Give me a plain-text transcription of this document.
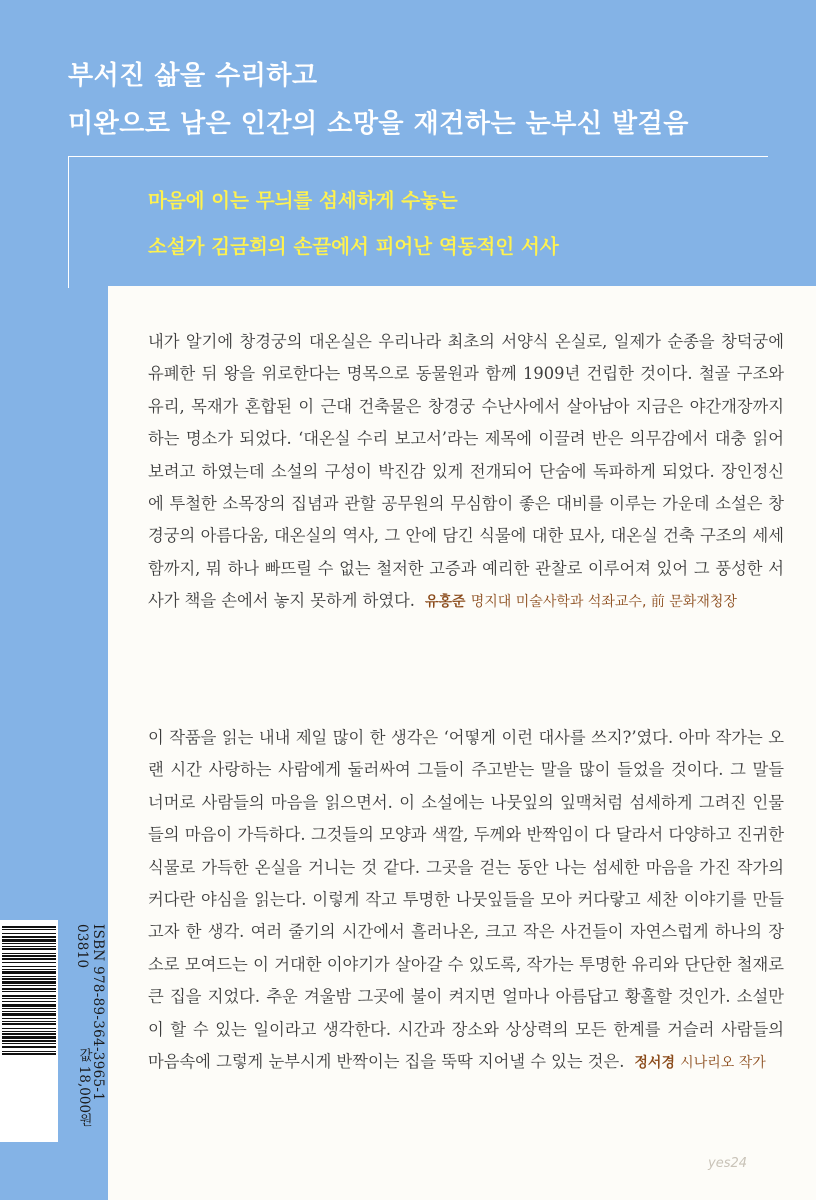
부서진 삶을 수리하고
미완으로 남은 인간의 소망을 재건하는 눈부신 발걸음
마음에 이는 무늬를 섬세하게 수놓는
소설가 김금희의 손끝에서 피어난 역동적인 서사
내가 알기에 창경궁의 대온실은 우리나라 최초의 서양식 온실로, 일제가 순종을 창덕궁에 유폐한 뒤 왕을 위로한다는 명목으로 동물원과 함께 1909년 건립한 것이다. 철골 구조와 유리, 목재가 혼합된 이 근대 건축물은 창경궁 수난사에서 살아남아 지금은 야간개장까지 하는 명소가 되었다. ‘대온실 수리 보고서’라는 제목에 이끌려 반은 의무감에서 대충 읽어보려고 하였는데 소설의 구성이 박진감 있게 전개되어 단숨에 독파하게 되었다. 장인정신에 투철한 소목장의 집념과 관할 공무원의 무심함이 좋은 대비를 이루는 가운데 소설은 창경궁의 아름다움, 대온실의 역사, 그 안에 담긴 식물에 대한 묘사, 대온실 건축 구조의 세세함까지, 뭐 하나 빠뜨릴 수 없는 철저한 고증과 예리한 관찰로 이루어져 있어 그 풍성한 서사가 책을 손에서 놓지 못하게 하였다. 유홍준 명지대 미술사학과 석좌교수, 前 문화재청장
이 작품을 읽는 내내 제일 많이 한 생각은 ‘어떻게 이런 대사를 쓰지?’였다. 아마 작가는 오랜 시간 사랑하는 사람에게 둘러싸여 그들이 주고받는 말을 많이 들었을 것이다. 그 말들 너머로 사람들의 마음을 읽으면서. 이 소설에는 나뭇잎의 잎맥처럼 섬세하게 그려진 인물들의 마음이 가득하다. 그것들의 모양과 색깔, 두께와 반짝임이 다 달라서 다양하고 진귀한 식물로 가득한 온실을 거니는 것 같다. 그곳을 걷는 동안 나는 섬세한 마음을 가진 작가의 커다란 야심을 읽는다. 이렇게 작고 투명한 나뭇잎들을 모아 커다랗고 세찬 이야기를 만들고자 한 생각. 여러 줄기의 시간에서 흘러나온, 크고 작은 사건들이 자연스럽게 하나의 장소로 모여드는 이 거대한 이야기가 살아갈 수 있도록, 작가는 투명한 유리와 단단한 철재로 큰 집을 지었다. 추운 겨울밤 그곳에 불이 켜지면 얼마나 아름답고 황홀할 것인가. 소설만이 할 수 있는 일이라고 생각한다. 시간과 장소와 상상력의 모든 한계를 거슬러 사람들의 마음속에 그렇게 눈부시게 반짝이는 집을 뚝딱 지어낼 수 있는 것은. 정서경 시나리오 작가
ISBN 978-89-364-3965-1 03810
값 18,000원
yes24
